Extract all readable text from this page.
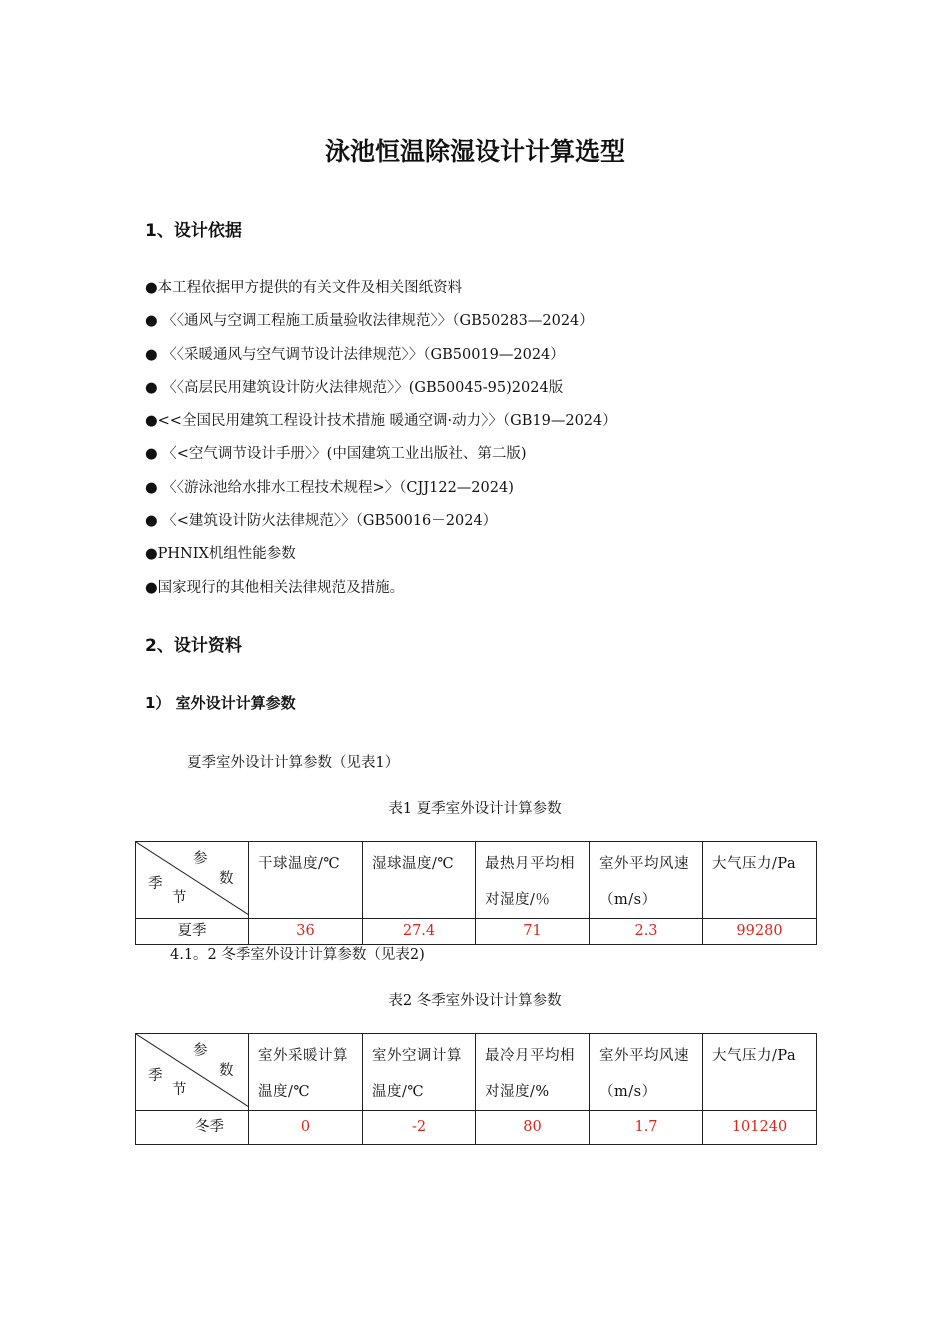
泳池恒温除湿设计计算选型
1、设计依据
●本工程依据甲方提供的有关文件及相关图纸资料
● 〈〈通风与空调工程施工质量验收法律规范〉〉（GB50283—2024）
● 〈〈采暖通风与空气调节设计法律规范〉〉（GB50019—2024）
● 〈〈高层民用建筑设计防火法律规范〉〉(GB50045-95)2024版
●<<全国民用建筑工程设计技术措施 暖通空调·动力〉〉（GB19—2024）
● 〈<空气调节设计手册〉〉(中国建筑工业出版社、第二版)
● 〈〈游泳池给水排水工程技术规程>〉（CJJ122—2024)
● 〈<建筑设计防火法律规范〉〉（GB50016－2024）
●PHNIX机组性能参数
●国家现行的其他相关法律规范及措施。
2、设计资料
1） 室外设计计算参数
夏季室外设计计算参数（见表1）
表1 夏季室外设计计算参数
参
数
季
节	干球温度/℃	湿球温度/℃	最热月平均相对湿度/％	室外平均风速（m/s）	大气压力/Pa
夏季	36	27.4	71	2.3	99280
4.1。2 冬季室外设计计算参数（见表2)
表2 冬季室外设计计算参数
参
数
季
节	室外采暖计算温度/℃	室外空调计算温度/℃	最冷月平均相对湿度/%	室外平均风速（m/s）	大气压力/Pa
冬季	0	-2	80	1.7	101240
